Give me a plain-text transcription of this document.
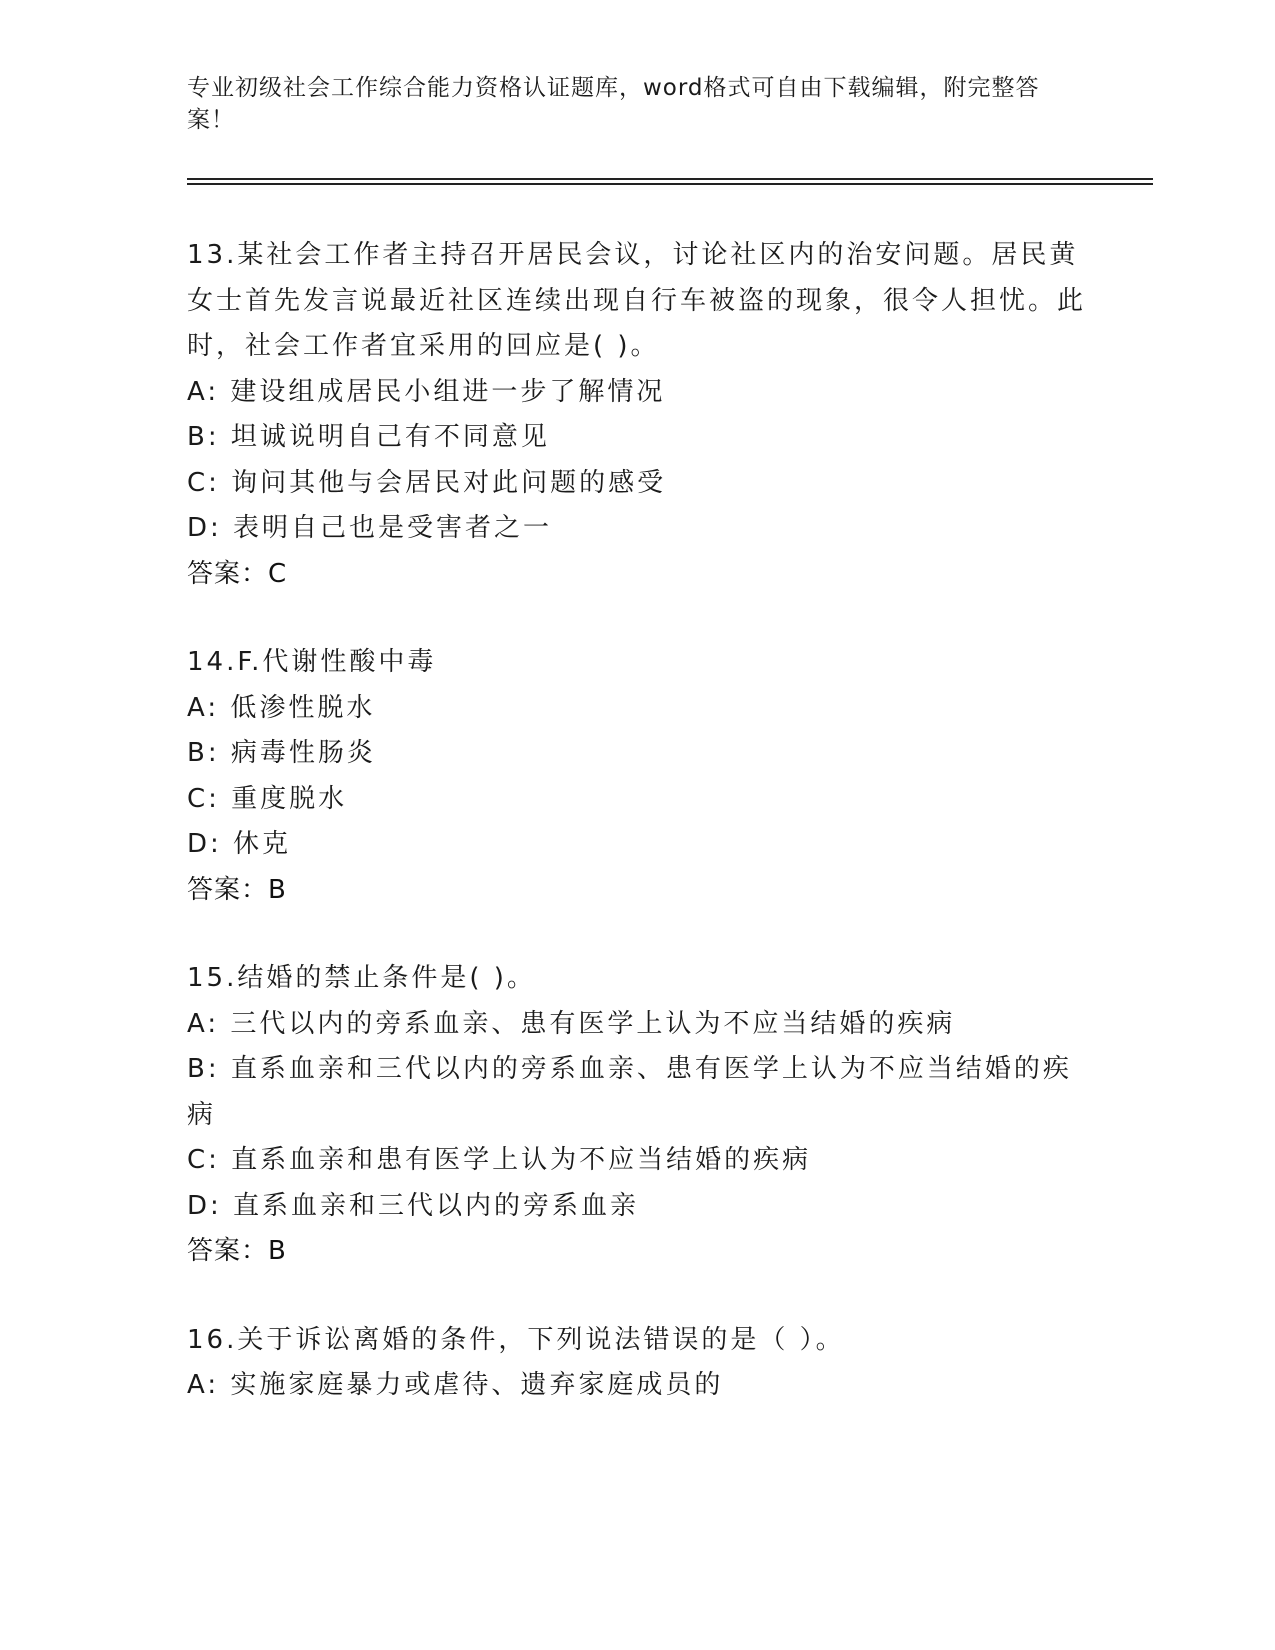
专业初级社会工作综合能力资格认证题库，word格式可自由下载编辑，附完整答案！
13.某社会工作者主持召开居民会议，讨论社区内的治安问题。居民黄女士首先发言说最近社区连续出现自行车被盗的现象，很令人担忧。此时，社会工作者宜采用的回应是( )。
A: 建设组成居民小组进一步了解情况
B: 坦诚说明自己有不同意见
C: 询问其他与会居民对此问题的感受
D: 表明自己也是受害者之一
答案：C
14.F.代谢性酸中毒
A: 低渗性脱水
B: 病毒性肠炎
C: 重度脱水
D: 休克
答案：B
15.结婚的禁止条件是( )。
A: 三代以内的旁系血亲、患有医学上认为不应当结婚的疾病
B: 直系血亲和三代以内的旁系血亲、患有医学上认为不应当结婚的疾病
C: 直系血亲和患有医学上认为不应当结婚的疾病
D: 直系血亲和三代以内的旁系血亲
答案：B
16.关于诉讼离婚的条件，下列说法错误的是（ ）。
A: 实施家庭暴力或虐待、遗弃家庭成员的
